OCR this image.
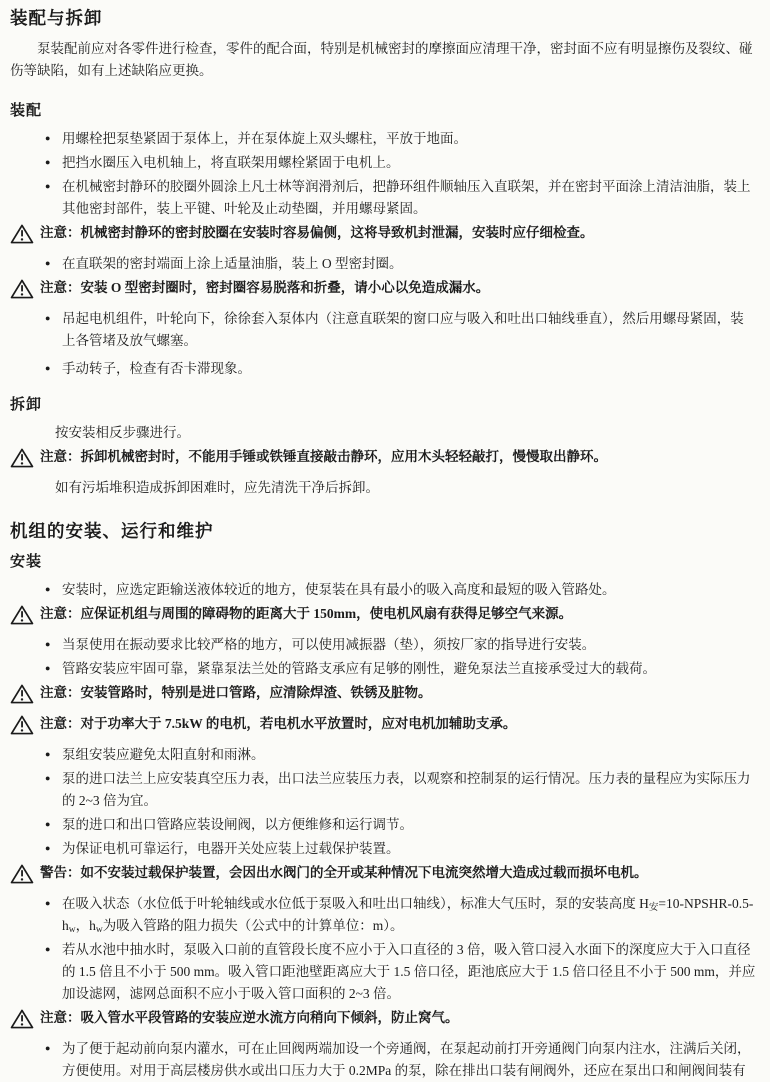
装配与拆卸

泵装配前应对各零件进行检查，零件的配合面，特别是机械密封的摩擦面应清理干净，密封面不应有明显擦伤及裂纹、碰伤等缺陷，如有上述缺陷应更换。

装配
● 用螺栓把泵垫紧固于泵体上，并在泵体旋上双头螺柱，平放于地面。
● 把挡水圈压入电机轴上，将直联架用螺栓紧固于电机上。
● 在机械密封静环的胶圈外圆涂上凡士林等润滑剂后，把静环组件顺轴压入直联架，并在密封平面涂上清洁油脂，装上其他密封部件，装上平键、叶轮及止动垫圈，并用螺母紧固。

注意：机械密封静环的密封胶圈在安装时容易偏侧，这将导致机封泄漏，安装时应仔细检查。

● 在直联架的密封端面上涂上适量油脂，装上 O 型密封圈。

注意：安装 O 型密封圈时，密封圈容易脱落和折叠，请小心以免造成漏水。

● 吊起电机组件，叶轮向下，徐徐套入泵体内（注意直联架的窗口应与吸入和吐出口轴线垂直），然后用螺母紧固，装上各管堵及放气螺塞。
● 手动转子，检查有否卡滞现象。
拆卸

按安装相反步骤进行。

注意：拆卸机械密封时，不能用手锤或铁锤直接敲击静环，应用木头轻轻敲打，慢慢取出静环。

如有污垢堆积造成拆卸困难时，应先清洗干净后拆卸。

机组的安装、运行和维护
安装
● 安装时，应选定距输送液体较近的地方，使泵装在具有最小的吸入高度和最短的吸入管路处。

注意：应保证机组与周围的障碍物的距离大于 150mm，使电机风扇有获得足够空气来源。

● 当泵使用在振动要求比较严格的地方，可以使用减振器（垫），须按厂家的指导进行安装。
● 管路安装应牢固可靠，紧靠泵法兰处的管路支承应有足够的刚性，避免泵法兰直接承受过大的载荷。

注意：安装管路时，特别是进口管路，应清除焊渣、铁锈及脏物。

注意：对于功率大于 7.5kW 的电机，若电机水平放置时，应对电机加辅助支承。

● 泵组安装应避免太阳直射和雨淋。
● 泵的进口法兰上应安装真空压力表，出口法兰应装压力表，以观察和控制泵的运行情况。压力表的量程应为实际压力的 2~3 倍为宜。
● 泵的进口和出口管路应装设闸阀，以方便维修和运行调节。
● 为保证电机可靠运行，电器开关处应装上过载保护装置。

警告：如不安装过载保护装置，会因出水阀门的全开或某种情况下电流突然增大造成过载而损坏电机。

● 在吸入状态（水位低于叶轮轴线或水位低于泵吸入和吐出口轴线），标准大气压时，泵的安装高度 $H_安=10-NPSHR-0.5-h_w$，$h_w$为吸入管路的阻力损失（公式中的计算单位：m）。
● 若从水池中抽水时，泵吸入口前的直管段长度不应小于入口直径的 3 倍，吸入管口浸入水面下的深度应大于入口直径的 1.5 倍且不小于 500 mm。吸入管口距池壁距离应大于 1.5 倍口径，距池底应大于 1.5 倍口径且不小于 500 mm，并应加设滤网，滤网总面积不应小于吸入管口面积的 2~3 倍。

注意：吸入管水平段管路的安装应逆水流方向稍向下倾斜，防止窝气。

● 为了便于起动前向泵内灌水，可在止回阀两端加设一个旁通阀，在泵起动前打开旁通阀门向泵内注水，注满后关闭，方便使用。对用于高层楼房供水或出口压力大于 0.2MPa 的泵，除在排出口装有闸阀外，还应在泵出口和闸阀间装有
